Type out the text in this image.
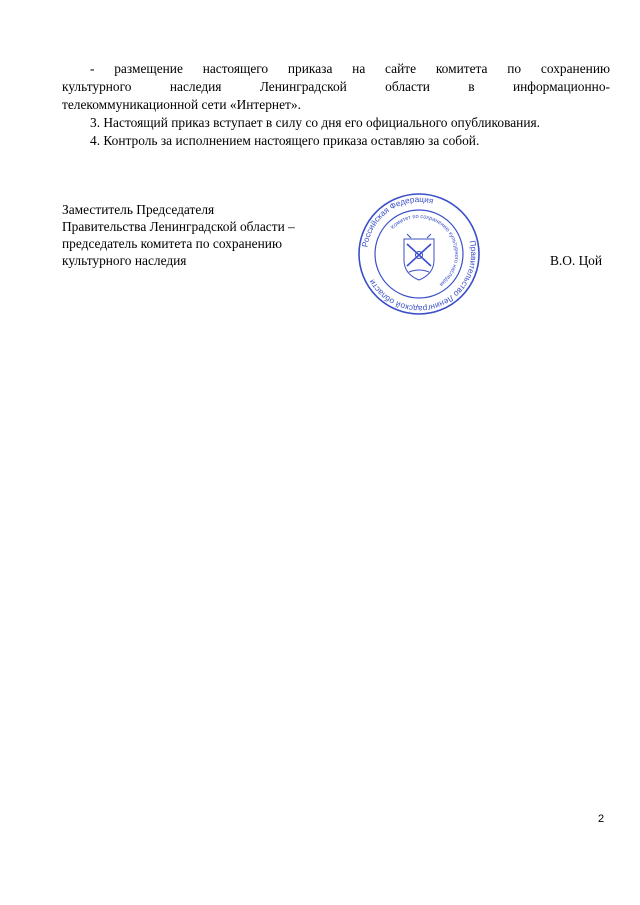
- размещение настоящего приказа на сайте комитета по сохранению

культурного наследия Ленинградской области в информационно-
телекоммуникационной сети «Интернет».

3. Настоящий приказ вступает в силу со дня его официального опубликования.

4. Контроль за исполнением настоящего приказа оставляю за собой.

Заместитель Председателя
Правительства Ленинградской области –
председатель комитета по сохранению
культурного наследия
Российская Федерация
Правительство Ленинградской области
Комитет по сохранению культурного наследия
В.О. Цой
2
